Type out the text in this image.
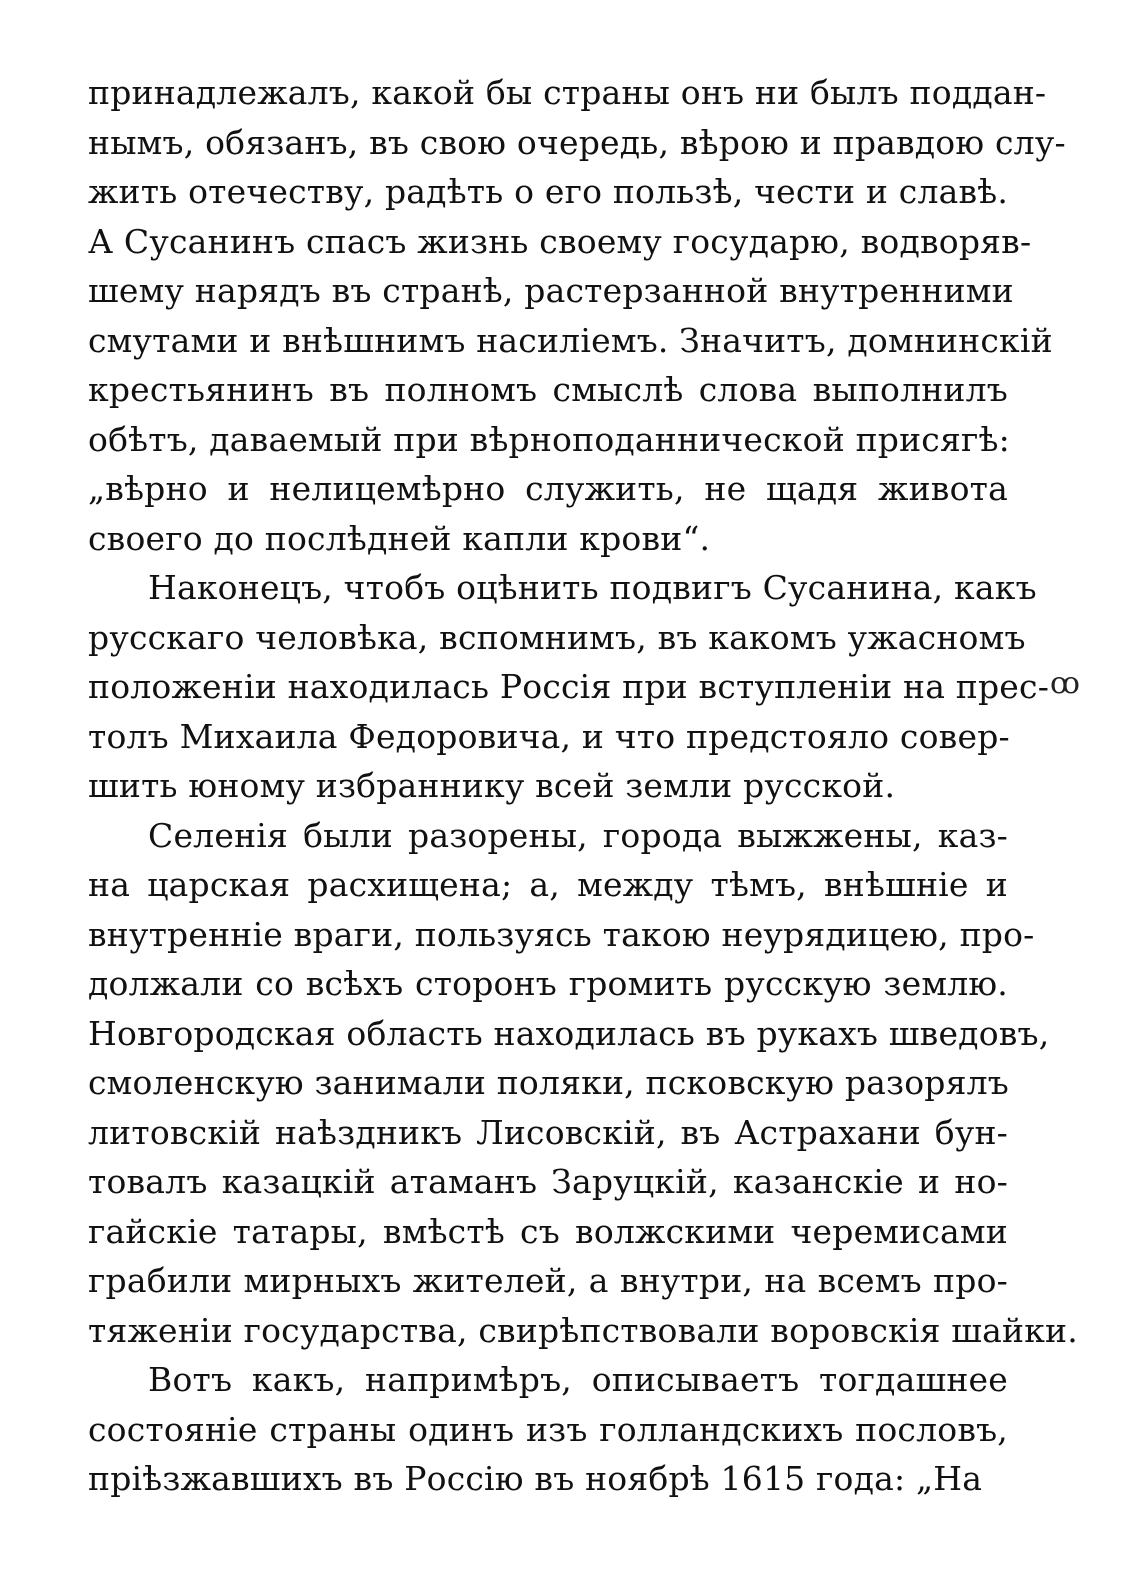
принадлежалъ, какой бы страны онъ ни былъ поддан-
нымъ, обязанъ, въ свою очередь, вѣрою и правдою слу-
жить отечеству, радѣть о его пользѣ, чести и славѣ.
А Сусанинъ спасъ жизнь своему государю, водворяв-
шему нарядъ въ странѣ, растерзанной внутренними
смутами и внѣшнимъ насиліемъ. Значитъ, домнинскій
крестьянинъ въ полномъ смыслѣ слова выполнилъ
обѣтъ, даваемый при вѣрноподаннической присягѣ:
„вѣрно и нелицемѣрно служить, не щадя живота
своего до послѣдней капли крови“.
Наконецъ, чтобъ оцѣнить подвигъ Сусанина, какъ
русскаго человѣка, вспомнимъ, въ какомъ ужасномъ
положеніи находилась Россія при вступленіи на прес-
толъ Михаила Федоровича, и что предстояло совер-
шить юному избраннику всей земли русской.
Селенія были разорены, города выжжены, каз-
на царская расхищена; а, между тѣмъ, внѣшніе и
внутренніе враги, пользуясь такою неурядицею, про-
должали со всѣхъ сторонъ громить русскую землю.
Новгородская область находилась въ рукахъ шведовъ,
смоленскую занимали поляки, псковскую разорялъ
литовскій наѣздникъ Лисовскій, въ Астрахани бун-
товалъ казацкій атаманъ Заруцкій, казанскіе и но-
гайскіе татары, вмѣстѣ съ волжскими черемисами
грабили мирныхъ жителей, а внутри, на всемъ про-
тяженіи государства, свирѣпствовали воровскія шайки.
Вотъ какъ, напримѣръ, описываетъ тогдашнее
состояніе страны одинъ изъ голландскихъ пословъ,
пріѣзжавшихъ въ Россію въ ноябрѣ 1615 года: „На
ꝏ
